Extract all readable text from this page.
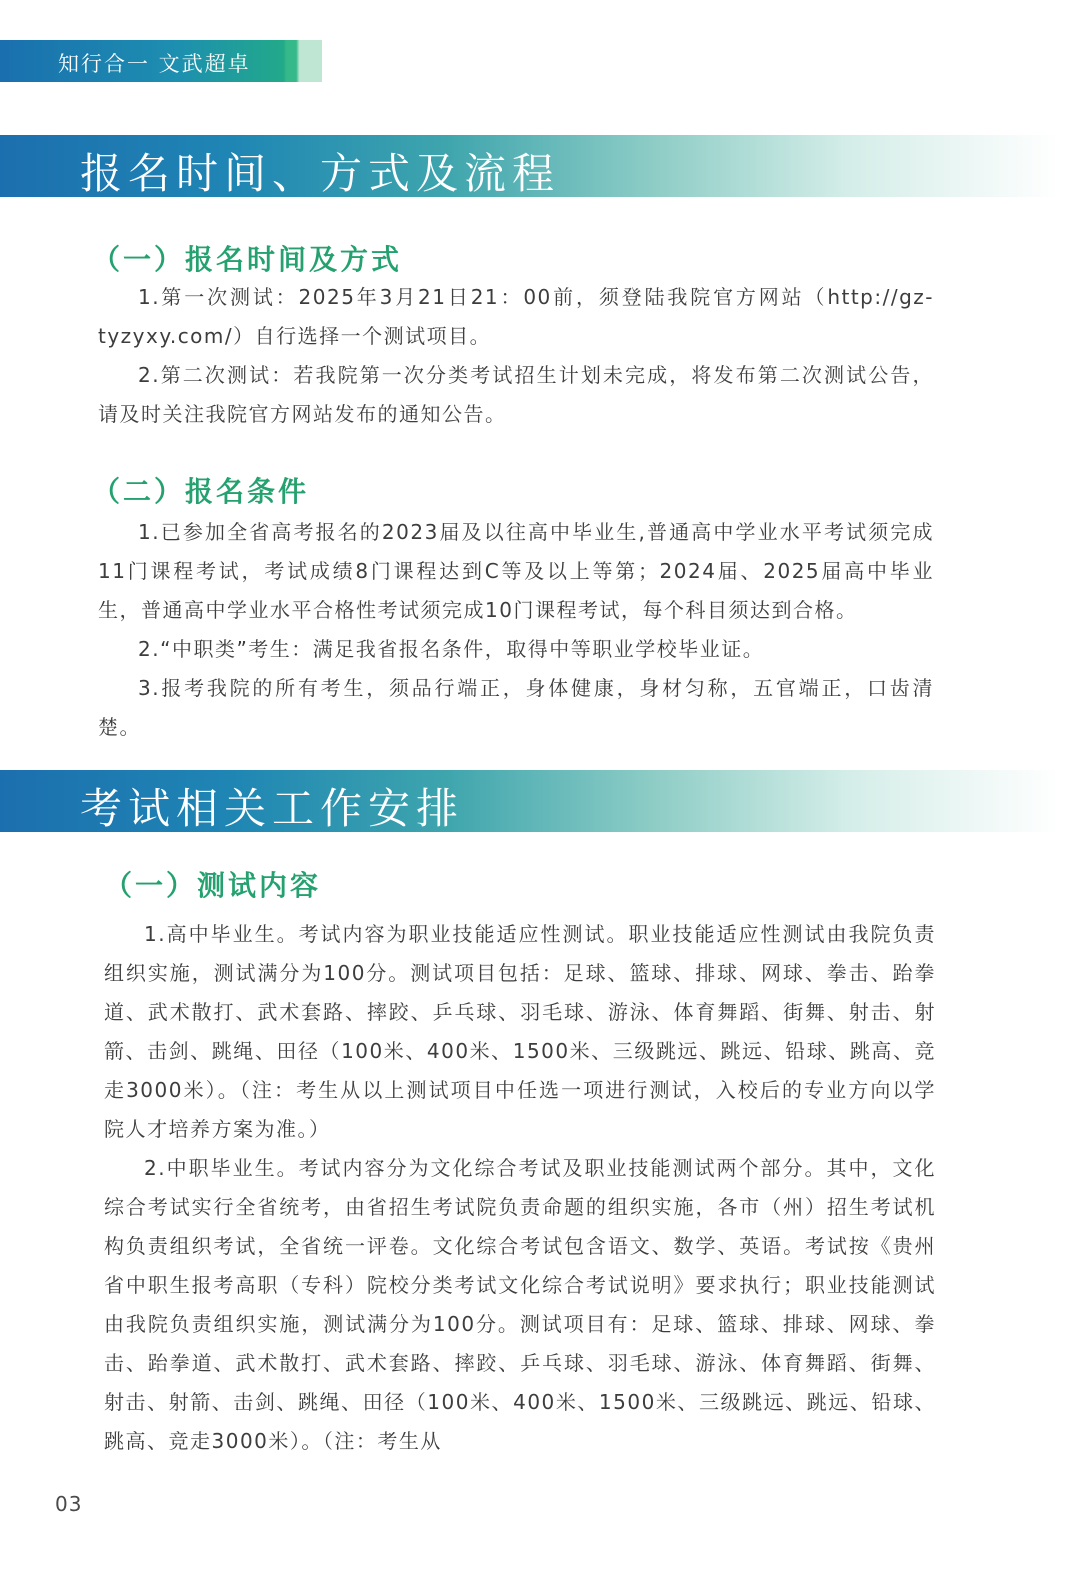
知行合一 文武超卓
报名时间、方式及流程
（一）报名时间及方式
1.第一次测试：2025年3月21日21：00前，须登陆我院官方网站（http://gz-tyzyxy.com/）自行选择一个测试项目。
2.第二次测试：若我院第一次分类考试招生计划未完成，将发布第二次测试公告，请及时关注我院官方网站发布的通知公告。
（二）报名条件
1.已参加全省高考报名的2023届及以往高中毕业生,普通高中学业水平考试须完成11门课程考试，考试成绩8门课程达到C等及以上等第；2024届、2025届高中毕业生，普通高中学业水平合格性考试须完成10门课程考试，每个科目须达到合格。
2.“中职类”考生：满足我省报名条件，取得中等职业学校毕业证。
3.报考我院的所有考生，须品行端正，身体健康，身材匀称，五官端正，口齿清楚。
考试相关工作安排
（一）测试内容
1.高中毕业生。考试内容为职业技能适应性测试。职业技能适应性测试由我院负责组织实施，测试满分为100分。测试项目包括：足球、篮球、排球、网球、拳击、跆拳道、武术散打、武术套路、摔跤、乒乓球、羽毛球、游泳、体育舞蹈、街舞、射击、射箭、击剑、跳绳、田径（100米、400米、1500米、三级跳远、跳远、铅球、跳高、竞走3000米）。（注：考生从以上测试项目中任选一项进行测试，入校后的专业方向以学院人才培养方案为准。）
2.中职毕业生。考试内容分为文化综合考试及职业技能测试两个部分。其中，文化综合考试实行全省统考，由省招生考试院负责命题的组织实施，各市（州）招生考试机构负责组织考试，全省统一评卷。文化综合考试包含语文、数学、英语。考试按《贵州省中职生报考高职（专科）院校分类考试文化综合考试说明》要求执行；职业技能测试由我院负责组织实施，测试满分为100分。测试项目有：足球、篮球、排球、网球、拳击、跆拳道、武术散打、武术套路、摔跤、乒乓球、羽毛球、游泳、体育舞蹈、街舞、射击、射箭、击剑、跳绳、田径（100米、400米、1500米、三级跳远、跳远、铅球、跳高、竞走3000米）。（注：考生从
03
